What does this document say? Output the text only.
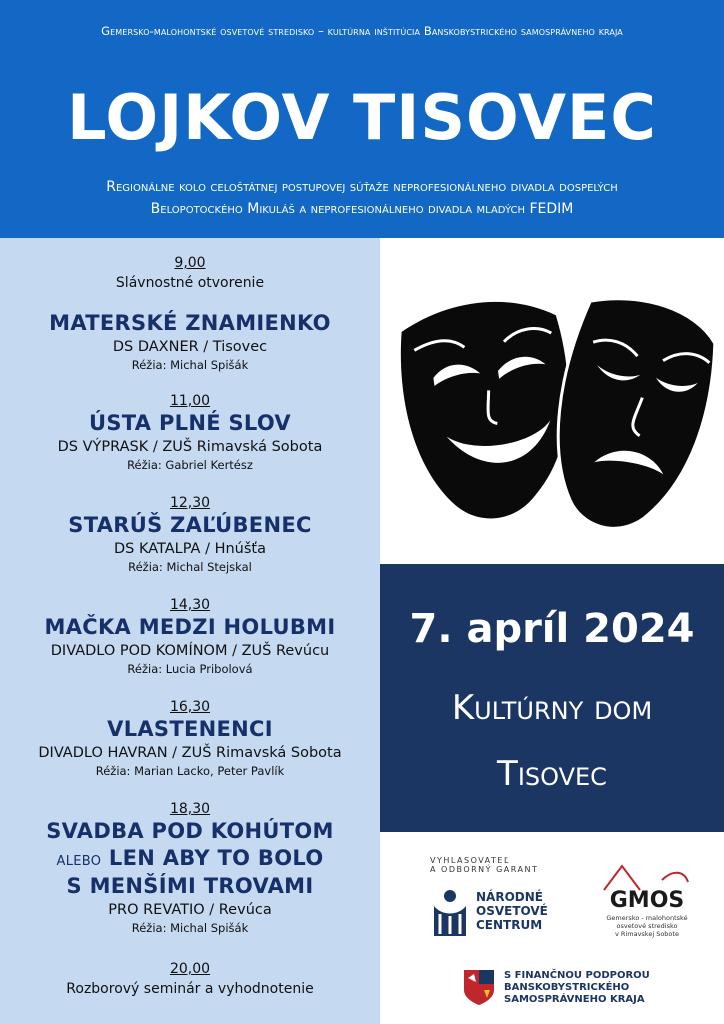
Gemersko-malohontské osvetové stredisko – kultúrna inštitúcia Banskobystrického samosprávneho kraja
LOJKOV TISOVEC
Regionálne kolo celoštátnej postupovej súťaže neprofesionálneho divadla dospelých
Belopotockého Mikuláš a neprofesionálneho divadla mladých FEDIM
9,00
Slávnostné otvorenie
MATERSKÉ ZNAMIENKO
DS DAXNER / Tisovec
Réžia: Michal Spišák
11,00
ÚSTA PLNÉ SLOV
DS VÝPRASK / ZUŠ Rimavská Sobota
Réžia: Gabriel Kertész
12,30
STARÚŠ ZAĽÚBENEC
DS KATALPA / Hnúšťa
Réžia: Michal Stejskal
14,30
MAČKA MEDZI HOLUBMI
DIVADLO POD KOMÍNOM / ZUŠ Revúcu
Réžia: Lucia Pribolová
16,30
VLASTENENCI
DIVADLO HAVRAN / ZUŠ Rimavská Sobota
Réžia: Marian Lacko, Peter Pavlík
18,30
SVADBA POD KOHÚTOM
alebo LEN ABY TO BOLO
S MENŠÍMI TROVAMI
PRO REVATIO / Revúca
Réžia: Michal Spišák
20,00
Rozborový seminár a vyhodnotenie
7. apríl 2024
Kultúrny dom
Tisovec
VYHLASOVATEĽ
A ODBORNÝ GARANT
NÁRODNÉ
OSVETOVÉ
CENTRUM
GMOS
Gemersko - malohontské
osvetové stredisko
v Rimavskej Sobote
S FINANČNOU PODPOROU
BANSKOBYSTRICKÉHO
SAMOSPRÁVNEHO KRAJA
